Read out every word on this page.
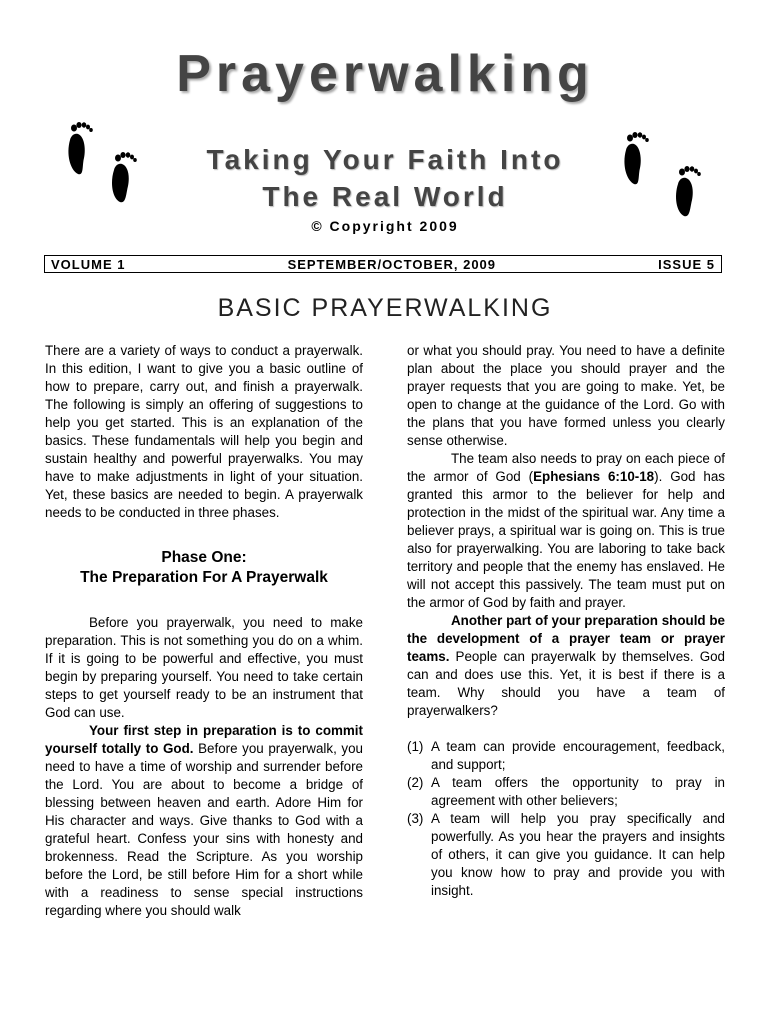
Prayerwalking
Taking Your Faith Into
The Real World
© Copyright 2009
VOLUME 1	SEPTEMBER/OCTOBER, 2009	ISSUE 5
BASIC PRAYERWALKING

There are a variety of ways to conduct a prayerwalk. In this edition, I want to give you a basic outline of how to prepare, carry out, and finish a prayerwalk. The following is simply an offering of suggestions to help you get started. This is an explanation of the basics. These fundamentals will help you begin and sustain healthy and powerful prayerwalks. You may have to make adjustments in light of your situation. Yet, these basics are needed to begin. A prayerwalk needs to be conducted in three phases.

Phase One:
The Preparation For A Prayerwalk

Before you prayerwalk, you need to make preparation. This is not something you do on a whim. If it is going to be powerful and effective, you must begin by preparing yourself. You need to take certain steps to get yourself ready to be an instrument that God can use.

Your first step in preparation is to commit yourself totally to God. Before you prayerwalk, you need to have a time of worship and surrender before the Lord. You are about to become a bridge of blessing between heaven and earth. Adore Him for His character and ways. Give thanks to God with a grateful heart. Confess your sins with honesty and brokenness. Read the Scripture. As you worship before the Lord, be still before Him for a short while with a readiness to sense special instructions regarding where you should walk

or what you should pray. You need to have a definite plan about the place you should prayer and the prayer requests that you are going to make. Yet, be open to change at the guidance of the Lord. Go with the plans that you have formed unless you clearly sense otherwise.

The team also needs to pray on each piece of the armor of God (Ephesians 6:10-18). God has granted this armor to the believer for help and protection in the midst of the spiritual war. Any time a believer prays, a spiritual war is going on. This is true also for prayerwalking. You are laboring to take back territory and people that the enemy has enslaved. He will not accept this passively. The team must put on the armor of God by faith and prayer.

Another part of your preparation should be the development of a prayer team or prayer teams. People can prayerwalk by themselves. God can and does use this. Yet, it is best if there is a team. Why should you have a team of prayerwalkers?

(1) A team can provide encouragement, feedback, and support;
(2) A team offers the opportunity to pray in agreement with other believers;
(3) A team will help you pray specifically and powerfully. As you hear the prayers and insights of others, it can give you guidance. It can help you know how to pray and provide you with insight.
